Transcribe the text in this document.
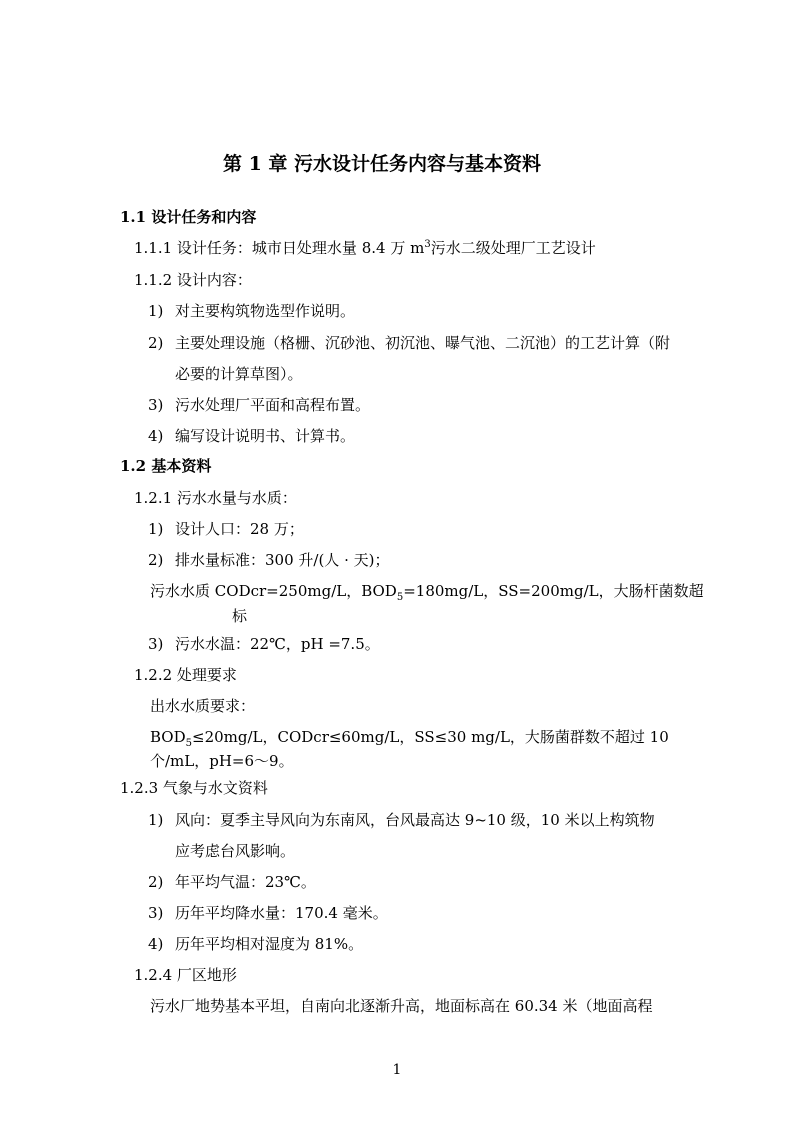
第 1 章 污水设计任务内容与基本资料
1.1 设计任务和内容
1.1.1 设计任务：城市日处理水量 8.4 万 $m^3$污水二级处理厂工艺设计
1.1.2 设计内容：
1) 对主要构筑物选型作说明。
2) 主要处理设施（格栅、沉砂池、初沉池、曝气池、二沉池）的工艺计算（附
必要的计算草图）。
3) 污水处理厂平面和高程布置。
4) 编写设计说明书、计算书。
1.2 基本资料
1.2.1 污水水量与水质：
1) 设计人口：28 万；
2) 排水量标准：300 升/(人 · 天)；
污水水质 CODcr=250mg/L，$BOD_5=180mg/L$，SS=200mg/L，大肠杆菌数超
标
3) 污水水温：22℃，pH =7.5。
1.2.2 处理要求
出水水质要求：
$BOD_5\le 20mg/L$，CODcr≤60mg/L，SS≤30 mg/L，大肠菌群数不超过 10
个/mL，pH=6～9。
1.2.3 气象与水文资料
1) 风向：夏季主导风向为东南风，台风最高达 9~10 级，10 米以上构筑物
应考虑台风影响。
2) 年平均气温：23℃。
3) 历年平均降水量：170.4 毫米。
4) 历年平均相对湿度为 81%。
1.2.4 厂区地形
污水厂地势基本平坦，自南向北逐渐升高，地面标高在 60.34 米（地面高程
1
